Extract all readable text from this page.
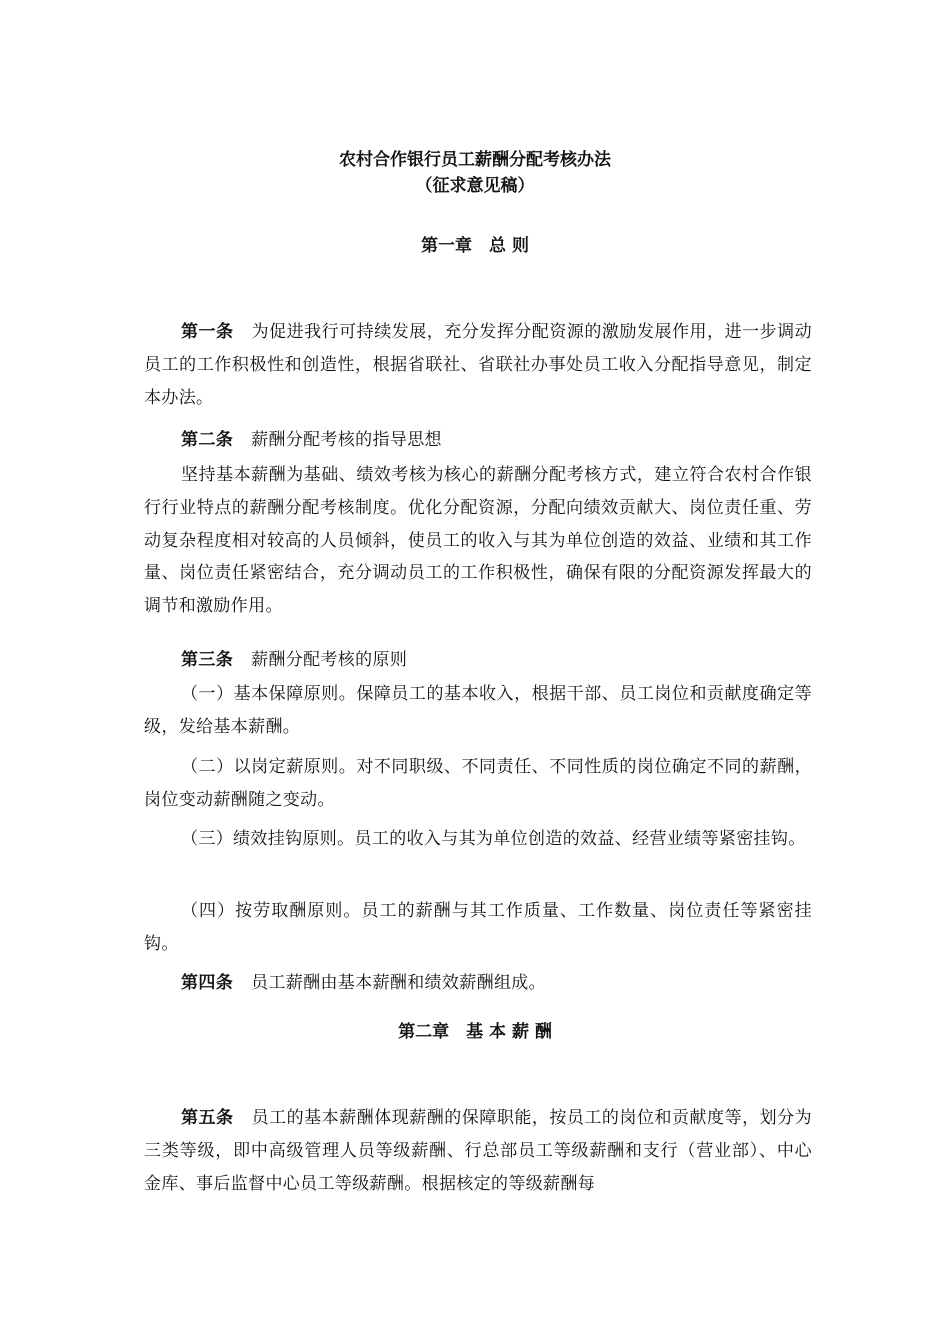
农村合作银行员工薪酬分配考核办法
（征求意见稿）
第一章　总 则

第一条 为促进我行可持续发展，充分发挥分配资源的激励发展作用，进一步调动员工的工作积极性和创造性，根据省联社、省联社办事处员工收入分配指导意见，制定本办法。

第二条 薪酬分配考核的指导思想

坚持基本薪酬为基础、绩效考核为核心的薪酬分配考核方式，建立符合农村合作银行行业特点的薪酬分配考核制度。优化分配资源，分配向绩效贡献大、岗位责任重、劳动复杂程度相对较高的人员倾斜，使员工的收入与其为单位创造的效益、业绩和其工作量、岗位责任紧密结合，充分调动员工的工作积极性，确保有限的分配资源发挥最大的调节和激励作用。

第三条 薪酬分配考核的原则

（一）基本保障原则。保障员工的基本收入，根据干部、员工岗位和贡献度确定等级，发给基本薪酬。

（二）以岗定薪原则。对不同职级、不同责任、不同性质的岗位确定不同的薪酬，岗位变动薪酬随之变动。

（三）绩效挂钩原则。员工的收入与其为单位创造的效益、经营业绩等紧密挂钩。

（四）按劳取酬原则。员工的薪酬与其工作质量、工作数量、岗位责任等紧密挂钩。

第四条 员工薪酬由基本薪酬和绩效薪酬组成。

第二章　基 本 薪 酬

第五条 员工的基本薪酬体现薪酬的保障职能，按员工的岗位和贡献度等，划分为三类等级，即中高级管理人员等级薪酬、行总部员工等级薪酬和支行（营业部）、中心金库、事后监督中心员工等级薪酬。根据核定的等级薪酬每
